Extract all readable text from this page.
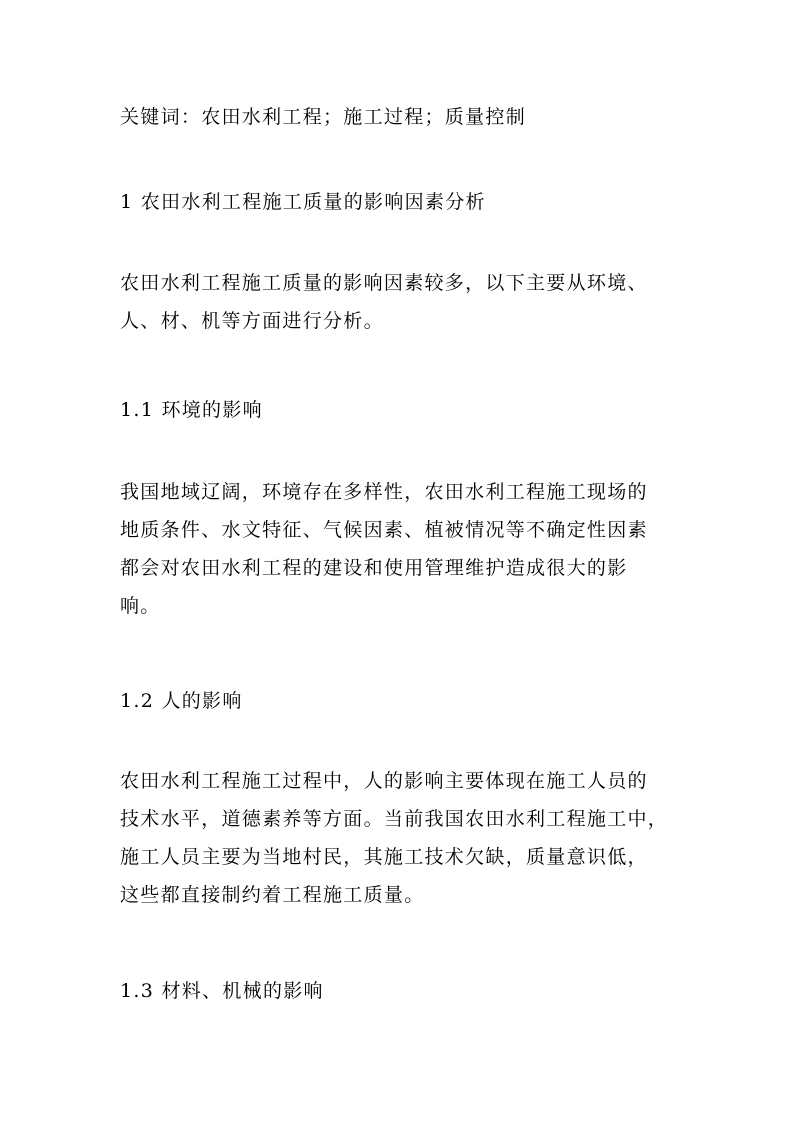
关键词：农田水利工程；施工过程；质量控制
1 农田水利工程施工质量的影响因素分析
农田水利工程施工质量的影响因素较多，以下主要从环境、
人、材、机等方面进行分析。
1.1 环境的影响
我国地域辽阔，环境存在多样性，农田水利工程施工现场的
地质条件、水文特征、气候因素、植被情况等不确定性因素
都会对农田水利工程的建设和使用管理维护造成很大的影
响。
1.2 人的影响
农田水利工程施工过程中，人的影响主要体现在施工人员的
技术水平，道德素养等方面。当前我国农田水利工程施工中，
施工人员主要为当地村民，其施工技术欠缺，质量意识低，
这些都直接制约着工程施工质量。
1.3 材料、机械的影响
